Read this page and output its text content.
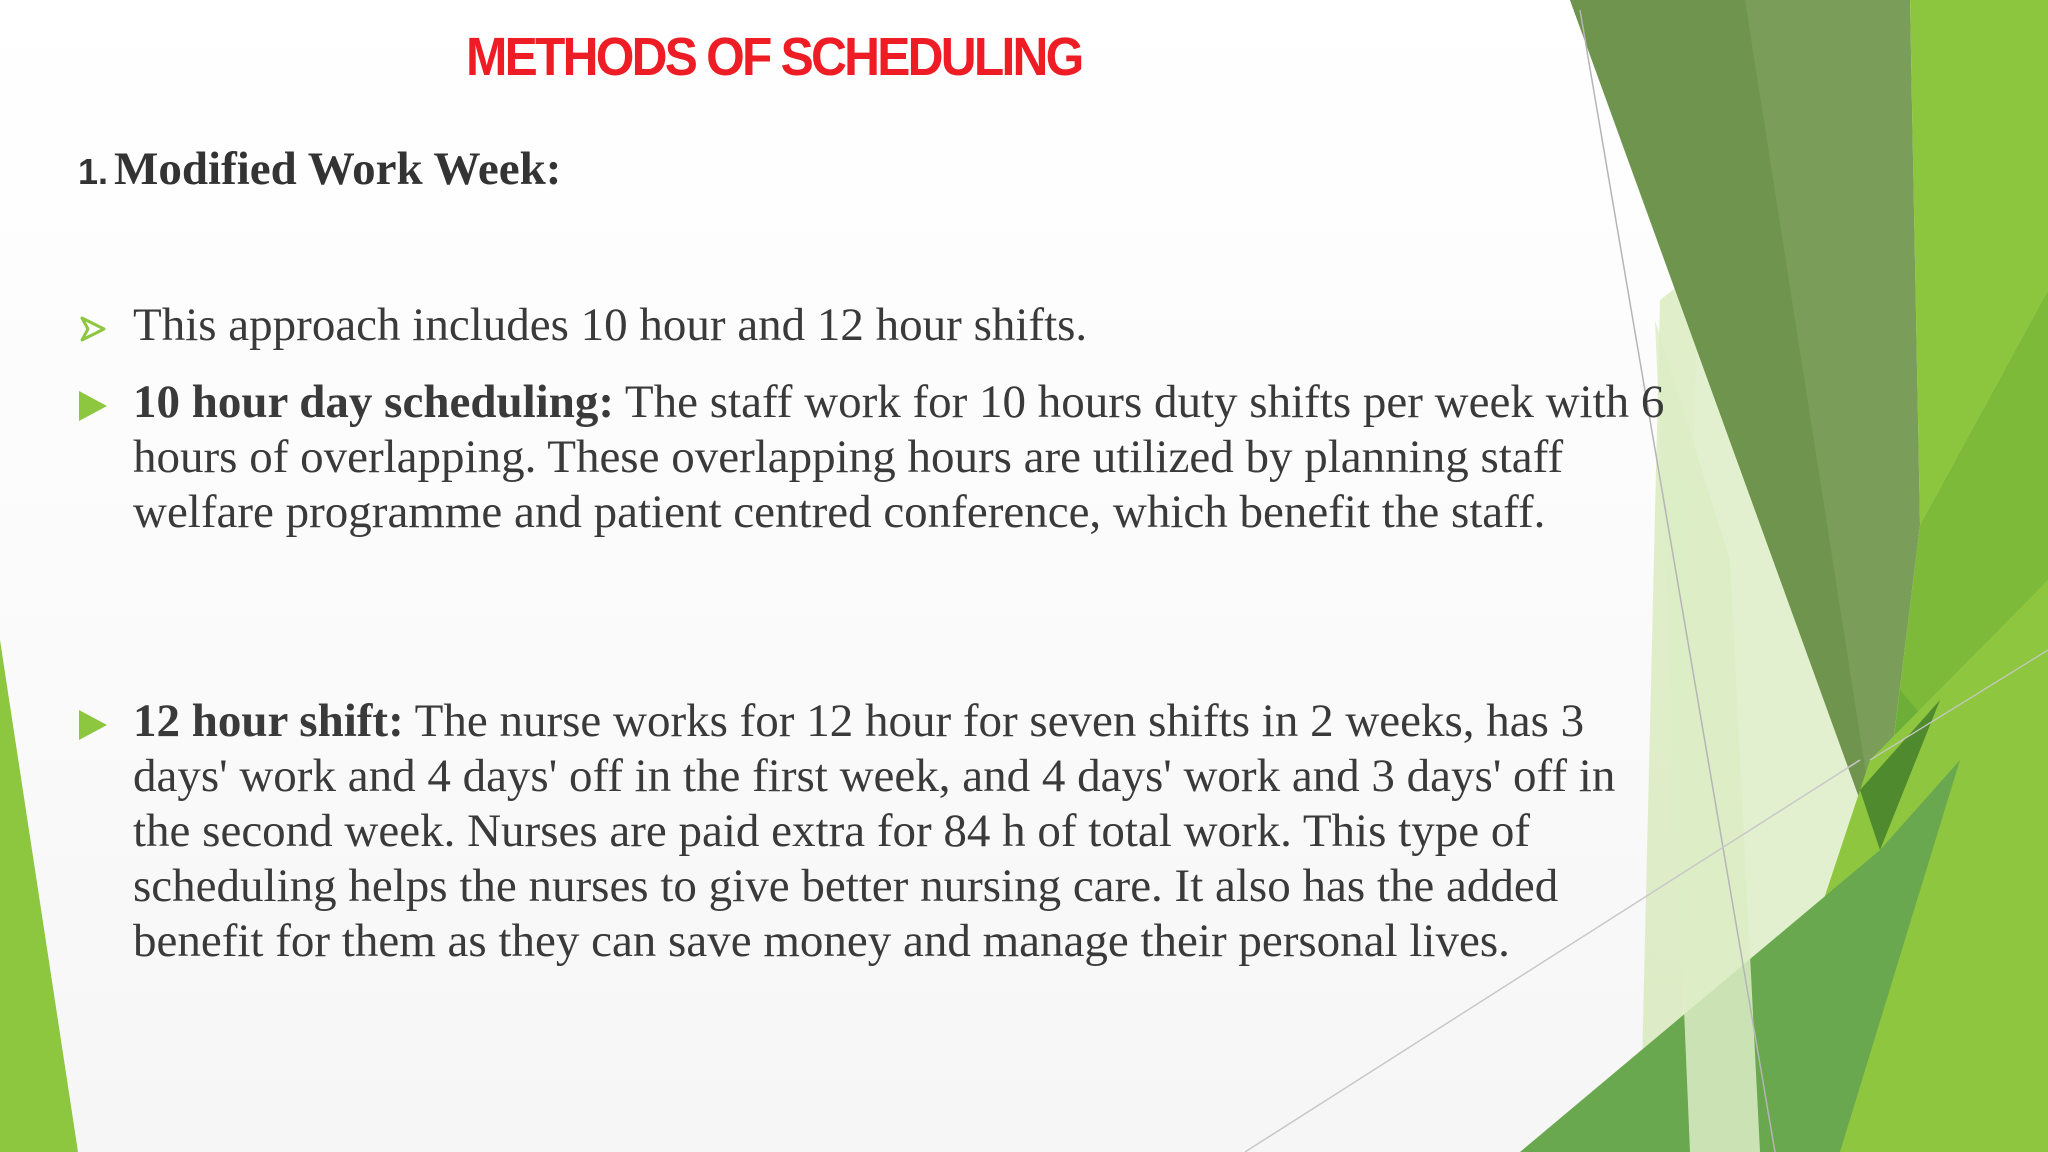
METHODS OF SCHEDULING
1. Modified Work Week:

This approach includes 10 hour and 12 hour shifts.

10 hour day scheduling: The staff work for 10 hours duty shifts per week with 6 hours of overlapping. These overlapping hours are utilized by planning staff welfare programme and patient centred conference, which benefit the staff.

12 hour shift: The nurse works for 12 hour for seven shifts in 2 weeks, has 3 days' work and 4 days' off in the first week, and 4 days' work and 3 days' off in the second week. Nurses are paid extra for 84 h of total work. This type of scheduling helps the nurses to give better nursing care. It also has the added benefit for them as they can save money and manage their personal lives.
